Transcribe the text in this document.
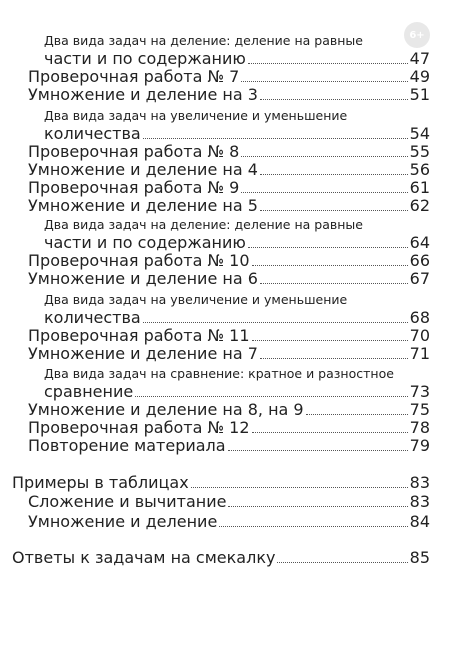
6+
Два вида задач на деление: деление на равные
части и по содержанию	47
Проверочная работа № 7	49
Умножение и деление на 3	51
Два вида задач на увеличение и уменьшение
количества	54
Проверочная работа № 8	55
Умножение и деление на 4	56
Проверочная работа № 9	61
Умножение и деление на 5	62
Два вида задач на деление: деление на равные
части и по содержанию	64
Проверочная работа № 10	66
Умножение и деление на 6	67
Два вида задач на увеличение и уменьшение
количества	68
Проверочная работа № 11	70
Умножение и деление на 7	71
Два вида задач на сравнение: кратное и разностное
сравнение	73
Умножение и деление на 8, на 9	75
Проверочная работа № 12	78
Повторение материала	79
Примеры в таблицах	83
Сложение и вычитание	83
Умножение и деление	84
Ответы к задачам на смекалку	85
